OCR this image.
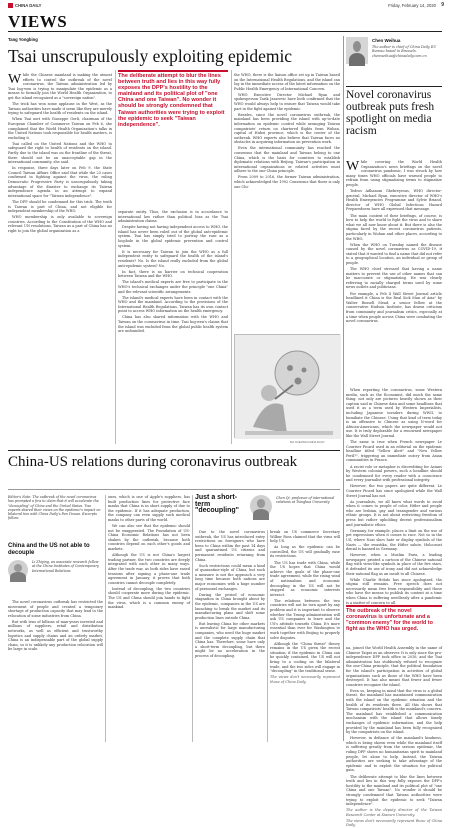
CHINA DAILY	Friday, February 14, 2020 9
VIEWS
Tang Yongbing
Tsai unscrupulously exploiting epidemic
W hile the Chinese mainland is making the utmost efforts to control the outbreak of the novel coronavirus, the Taiwan administration led by Tsai Ing-wen is trying to manipulate the epidemic as a means to formally join the World Health Organization, to get the island recognized as a "sovereign nation".

The trick has won some applause in the West, as the Taiwan authorities have made it seem like they are merely trying to safeguard the health of residents on the island.

When Tsai met with Giuseppe Gerli, chairman of the European Chamber of Commerce Taiwan on Feb 6, she complained that the World Health Organization's talks in the United Nations took responsible for health matters, is excluding it.

Tsai called on the United Nations and the WHO to safeguard the right to health of residents on the island. Partly due to the island was on the frontline of the threat, there should not be an unacceptable gap in the international community, she said.

In response, three days later on Feb 9, the State Council Taiwan Affairs Office said that while the 23 cases confirmed in fighting against the virus, the ruling Democratic Progressive Party is unscrupulously taking advantage of the disaster to exchange its Taiwan independence agenda in an attempt to expand international space for "Taiwan independence".

The DPP should be condemned for this trick. The truth is Taiwan is part of China, and not eligible for independent membership of the WHO.

WHO membership is only available to sovereign countries. According to the Constitution of the WHO and relevant UN resolutions, Taiwan as a part of China has no right to join the global organization as a

The deliberate attempt to blur the lines between truth and lies in this way fully exposes the DPP's hostility to the mainland and its political plot of "one China and one Taiwan". No wonder it should be strongly condemned that Taiwan authorities were trying to exploit the epidemic to seek "Taiwan independence".

separate entity. Thus, the exclusion is in accordance to international law rather than political bias as the Tsai administration claims.

Despite having not having independent access to WHO, the island has never been ruled out of the global anti-epidemic system. Tsai has simply tried to portray the ruse as a loophole in the global epidemic prevention and control system.

It is necessary for Taiwan to join the WHO as a full independent entity to safeguard the health of the island's residents? No. Is the island really excluded from the global anti-epidemic system? No.

In fact, there is no barrier on technical cooperation between Taiwan and the WHO.

The island's medical experts are free to participate in the WHO's technical exchanges under the principle "one China" and the relevant scientific arrangements.

The island's medical experts have been in contact with the WHO and the mainland. According to the provisions of the International Health Regulations, Taiwan has its own contact point to access WHO information on the health emergency.

China has also shared information with the WHO and Taiwan on the coronavirus in time. Tsai Ing-wen's claims that the island was excluded from the global public health system are unfounded.

the WHO, there is the liaison office set up in Taiwan based on the International Health Regulations, and the island can log in the immediate access of the latest information on the Public Health Emergency of International Concern.

WHO Executive Director Michael Ryan and spokesperson Tarik Jasarevic have both confirmed that the WHO would always help to ensure that Taiwan would take part in the fight against the epidemic.

Besides, since the novel coronavirus outbreak, the mainland has been providing the island with up-to-date information on epidemic control while arranging Taiwan compatriots' return on chartered flights from Wuhan, capital of Hubei province, which is the center of the outbreak. WHO experts also believe that Taiwan faces no obstacles in acquiring information on prevention work.

Even the international community has reached the consensus that the mainland and Taiwan belong to one China, which is the basis for countries to establish diplomatic relations with Beijing. Taiwan's participation in international organizations or related activities must adhere to the one-China principle.

From 2009 to 2016, the former Taiwan administration, which acknowledged the 1992 Consensus that there is only one Chi-

MA XUEJING/CHINA DAILY
Chen Weihua
The author is chief of China Daily EU Bureau based in Brussels. chenweihua@chinadaily.com.cn
Novel coronavirus outbreak puts fresh spotlight on media racism
W hile covering the World Health Organization's news briefings on the novel coronavirus pandemic, I was struck by how many times WHO officials have warned people to refrain from using stigmatizing terms to stigmatize people.

Tedros Adhanom Ghebreyesus, WHO director-general, Michael Ryan, executive director of WHO's Health Emergencies Programme and Sylvie Briand, director of WHO Global Infectious Hazard Preparedness have all expressed that message.

The main context of their briefings, of course, is how to help the world to fight the virus and to share what we all now know about it. But there is also the stigma faced by the recent coronavirus patients, particularly in Wuhan and other places, according to the WHO.

When the WHO on Tuesday named the disease caused by the novel coronavirus as COVID-19, it stated that it wanted to find a name that did not refer to a geographical location, an individual or group of people.

The WHO chief stressed that having a name matters to prevent the use of other names that can be inaccurate or stigmatizing. He was clearly referring to racially charged terms used by some news outlets and politicians.

For example, a Feb 4 Wall Street Journal article headlined it China is the Real Sick Man of Asia" by Walter Russell Mead, a senior fellow at the conservative Hudson Institute, has drawn criticism from community and journalism critics, especially at a time when people across China were combating the novel coronavirus.

When reporting the coronavirus, some Western media, such as the Economist, did much the same thing: not only are pictures heavily shown as their caption said in Chinese data and some headlines that used it as a term used by Western Imperialists, including Japanese invaders during WWII, to humiliate the Chinese. Using that kind of term today is an offensive to Chinese as using N-word for African-Americans, which the newspaper would not use. It is truly deplorable for a renowned newspaper like the Wall Street Journal.

The same is true when French newspaper Le Courrier Picard used in an editorial on the epidemic headline titled "Yellow Alert" and "New Yellow Peril?", triggering an immediate outcry from Asian communities in France.

A racist role or metaphor is discrediting for Asians by Western colonial powers, such a headline should be condemned for every reader with a conscience and every journalist with professional integrity.

However, the two papers are quite different. Le Courrier Picard has since apologized while the Wall Street Journal has not.

As journalists, we all know what words to avoid when it comes to people of color, Hitler and people who are lesbian, gay and transgender and various ethnic groups. It is not about restricting freedom of press but rather upholding decent professionalism and journalistic ethics.

Germany, for example, places a limit on the use of pet expressions when it comes to race. Not so in the US, where Nazi slurs hate or display symbols of the Nazis — the swastika, the Hitler salute, Holocaust denial is banned in Germany.

However, when a Muslim Paris, a leading newspaper, printed a cartoon of the Chinese national flag with virus-like symbols in place of the five stars, it defended its use of irony and did not acknowledge their national flag as an insult to all Chinese.

While Charlie Hebdo has since apologized, the stigma still remains. Free speech does not necessarily mean free from responsibility and those who have the means to publish its content at a time when China is suffering needlessly after a pandemic is a matter of concern to all.

The outbreak of the novel coronavirus is unfortunate and a "common enemy" for the world to fight as the WHO has urged.

na, joined the World Health Assembly in the name of Chinese Taipei as an observer. It is only since the pro-independence DPP took office in 2016, and the Tsai administration has stubbornly refused to recognize the one-China principle, that the political foundation for the island's participation in activities of global organizations such as those of the WHO have been destroyed. It has also meant that fewer and fewer countries recognize the island.

Even so, keeping in mind that the virus is a global threat, the mainland has maintained communication with the island on the epidemic situation and the health of its residents there. All this shows that Taiwan compatriots' health is the mainland's concern. The mainland has established a communication mechanism with the island that allows timely exchanges of epidemic information, and the help provided by the mainland has been fully recognized by the compatriots on the island.

However, in defiance of the mainland's kindness, which is being shown even while the mainland itself is suffering greatly from the serious epidemic, the ruling DPP shows no humanitarian spirit to mainland people, let alone to help. Instead, the Taiwan authorities are seeking to take advantage of the epidemic and to exploit the situation for political gain.

The deliberate attempt to blur the lines between truth and lies in this way fully exposes the DPP's hostility to the mainland and its political plot of "one China and one Taiwan". No wonder it should be strongly condemned that Taiwan authorities were trying to exploit the epidemic to seek "Taiwan independence".

The author is the deputy director of the Taiwan Research Center at Xiamen University.

The views don't necessarily represent those of China Daily.

China-US relations during coronavirus outbreak
Editor's Note: The outbreak of the novel coronavirus has prompted a few to claim that it will accelerate the "decoupling" of China and the United States. Two experts shared their views on the epidemic's impact on bilateral ties with China Daily's Pan Yixuan. Excerpts follow:
China and the US not able to decouple
Li Zhiying, an associate research fellow at the China Institutes of Contemporary International Relations

The novel coronavirus outbreak has restricted the movement of people and created a temporary shortage of production capacity that may lead to the relocation of some industries from China.

But with tens of billions of man-years invested and millions of suppliers, retail and distribution networks, as well as efficient and trustworthy logistics and supply chains and an orderly market, China is an indispensable part of the global supply chain, so it is unlikely any production relocation will be large in scale.

ones, which is one of Apple's suppliers, has built production lines for protective face masks that China is in short supply of due to the epidemic. If it has adequate production, the company can even supply such medical masks to other parts of the world.

We can also see that the epidemic should not be exaggerated. The Foundation of US-China Economic Relations has not been shaken by the outbreak, because both countries depend on each other's goods and markets.

Although the US is not China's largest trading partner, the two countries are deeply integrated with each other in many ways. After the trade war, as both sides have eased tensions after signing a phase-one trade agreement in January, it proves that both countries cannot decouple completely.

Instead of decoupling, the two countries should cooperate more during the epidemic. The US and China should join hands to fight the virus, which is a common enemy of mankind.

Just a short-term "decoupling"
Chen Qi, professor of international relations at Tsinghua University

Due to the novel coronavirus outbreak, the US has introduced entry restrictions on foreigners who have been to China within the past 14 days and quarantined US citizens and permanent residents returning from China.

Such restrictions could mean a kind of quarantine-style of China, but such a measure is not the approach a very long time because both nations are major economies with a huge number of personnel exchanges.

During the period of economic stagnation in China brought about by the epidemic, companies in the US are launching to break the market and its manufacturing plans and shift some production lines outside China.

But leaving China for other markets is unrealistic for large manufacturing companies, who need the huge market and the complete supply chain that China has. Therefore, some have only a short-term decoupling, but there might be no acceleration in the process of decoupling.

break on US commerce Secretary Wilbur Ross claimed that the virus will help US.

As long as the epidemic can be controlled, the US will gradually ease its restrictions.

The US has trade with China, while the US hopes that China would achieve the goals of the phase-one trade agreement, while the rising wind of nationalism and economic decoupling in the US will not be stopped as economic interests interact.

The relations between the two countries will not be torn apart by any problem and it is important to observe whether the Trump administration will ask US companies to leave and the US's attitude towards China. It's more essential than ever for Washington to work together with Beijing to properly solve disputes.

Although the "China threat" theory remains in the US given the recent situation, if the epidemic in China can be quickly contained, the US will not bring to a cooling on the bilateral trade, and the two sides will engage in "decoupling" in the traditional sense.

The views don't necessarily represent those of China Daily.
